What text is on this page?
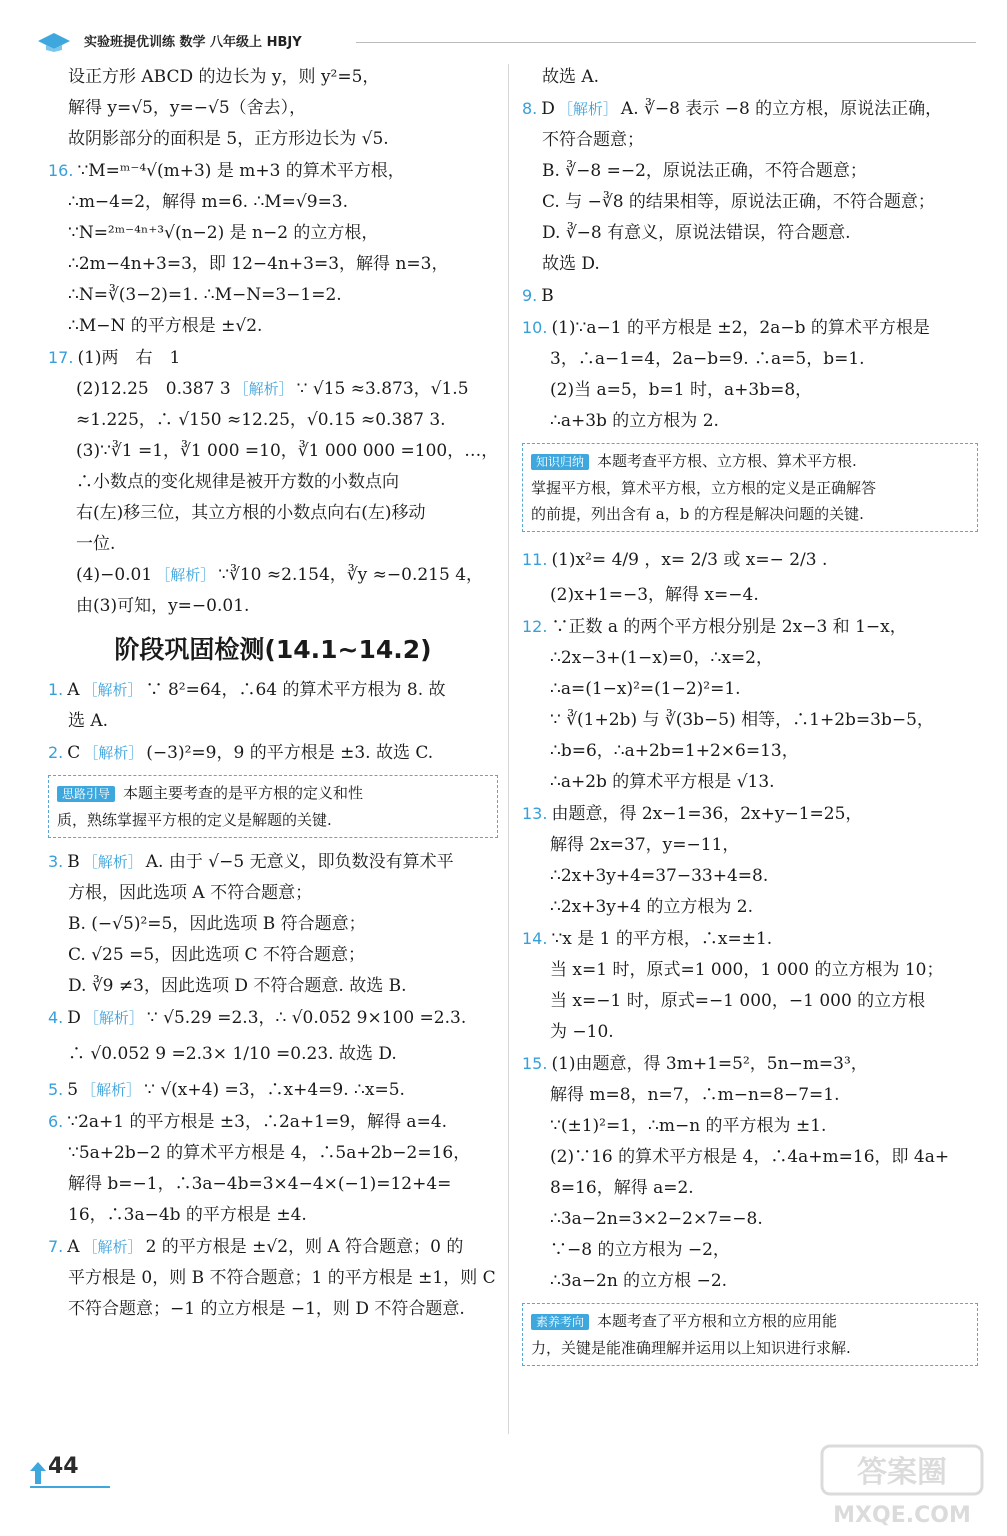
实验班提优训练 数学 八年级上 HBJY
设正方形 ABCD 的边长为 y，则 y²=5，
解得 y=√5，y=−√5（舍去），
故阴影部分的面积是 5，正方形边长为 √5.
16. ∵M=ᵐ⁻⁴√(m+3) 是 m+3 的算术平方根，
∴m−4=2，解得 m=6. ∴M=√9=3.
∵N=²ᵐ⁻⁴ⁿ⁺³√(n−2) 是 n−2 的立方根，
∴2m−4n+3=3，即 12−4n+3=3，解得 n=3，
∴N=∛(3−2)=1. ∴M−N=3−1=2.
∴M−N 的平方根是 ±√2.
17. (1)两　右　1
(2)12.25　0.387 3 ［解析］ ∵ √15 ≈3.873，√1.5
≈1.225，∴ √150 ≈12.25，√0.15 ≈0.387 3.
(3)∵∛1 =1，∛1 000 =10，∛1 000 000 =100，…，
∴小数点的变化规律是被开方数的小数点向
右(左)移三位，其立方根的小数点向右(左)移动
一位.
(4)−0.01 ［解析］ ∵∛10 ≈2.154，∛y ≈−0.215 4，
由(3)可知，y=−0.01.
阶段巩固检测(14.1~14.2)
1. A ［解析］ ∵ 8²=64，∴64 的算术平方根为 8. 故
选 A.
2. C ［解析］ (−3)²=9，9 的平方根是 ±3. 故选 C.
思路引导 本题主要考查的是平方根的定义和性
质，熟练掌握平方根的定义是解题的关键.
3. B ［解析］ A. 由于 √−5 无意义，即负数没有算术平
方根，因此选项 A 不符合题意；
B. (−√5)²=5，因此选项 B 符合题意；
C. √25 =5，因此选项 C 不符合题意；
D. ∛9 ≠3，因此选项 D 不符合题意. 故选 B.
4. D ［解析］ ∵ √5.29 =2.3，∴ √0.052 9×100 =2.3.
∴ √0.052 9 =2.3× 1/10 =0.23. 故选 D.
5. 5 ［解析］ ∵ √(x+4) =3，∴x+4=9. ∴x=5.
6. ∵2a+1 的平方根是 ±3，∴2a+1=9，解得 a=4.
∵5a+2b−2 的算术平方根是 4，∴5a+2b−2=16，
解得 b=−1，∴3a−4b=3×4−4×(−1)=12+4=
16，∴3a−4b 的平方根是 ±4.
7. A ［解析］ 2 的平方根是 ±√2，则 A 符合题意；0 的
平方根是 0，则 B 不符合题意；1 的平方根是 ±1，则 C
不符合题意；−1 的立方根是 −1，则 D 不符合题意.
故选 A.
8. D ［解析］ A. ∛−8 表示 −8 的立方根，原说法正确，
不符合题意；
B. ∛−8 =−2，原说法正确，不符合题意；
C. 与 −∛8 的结果相等，原说法正确，不符合题意；
D. ∛−8 有意义，原说法错误，符合题意.
故选 D.
9. B
10. (1)∵a−1 的平方根是 ±2，2a−b 的算术平方根是
3，∴a−1=4，2a−b=9. ∴a=5，b=1.
(2)当 a=5，b=1 时，a+3b=8，
∴a+3b 的立方根为 2.
知识归纳 本题考查平方根、立方根、算术平方根.
掌握平方根，算术平方根，立方根的定义是正确解答
的前提，列出含有 a，b 的方程是解决问题的关键.
11. (1)x²= 4/9 ，x= 2/3 或 x=− 2/3 .
(2)x+1=−3，解得 x=−4.
12. ∵正数 a 的两个平方根分别是 2x−3 和 1−x，
∴2x−3+(1−x)=0，∴x=2，
∴a=(1−x)²=(1−2)²=1.
∵ ∛(1+2b) 与 ∛(3b−5) 相等，∴1+2b=3b−5，
∴b=6，∴a+2b=1+2×6=13，
∴a+2b 的算术平方根是 √13.
13. 由题意，得 2x−1=36，2x+y−1=25，
解得 2x=37，y=−11，
∴2x+3y+4=37−33+4=8.
∴2x+3y+4 的立方根为 2.
14. ∵x 是 1 的平方根，∴x=±1.
当 x=1 时，原式=1 000，1 000 的立方根为 10；
当 x=−1 时，原式=−1 000，−1 000 的立方根
为 −10.
15. (1)由题意，得 3m+1=5²，5n−m=3³，
解得 m=8，n=7，∴m−n=8−7=1.
∵(±1)²=1，∴m−n 的平方根为 ±1.
(2)∵16 的算术平方根是 4，∴4a+m=16，即 4a+
8=16，解得 a=2.
∴3a−2n=3×2−2×7=−8.
∵−8 的立方根为 −2，
∴3a−2n 的立方根 −2.
素养考向 本题考查了平方根和立方根的应用能
力，关键是能准确理解并运用以上知识进行求解.
44	答案圈
MXQE.COM
